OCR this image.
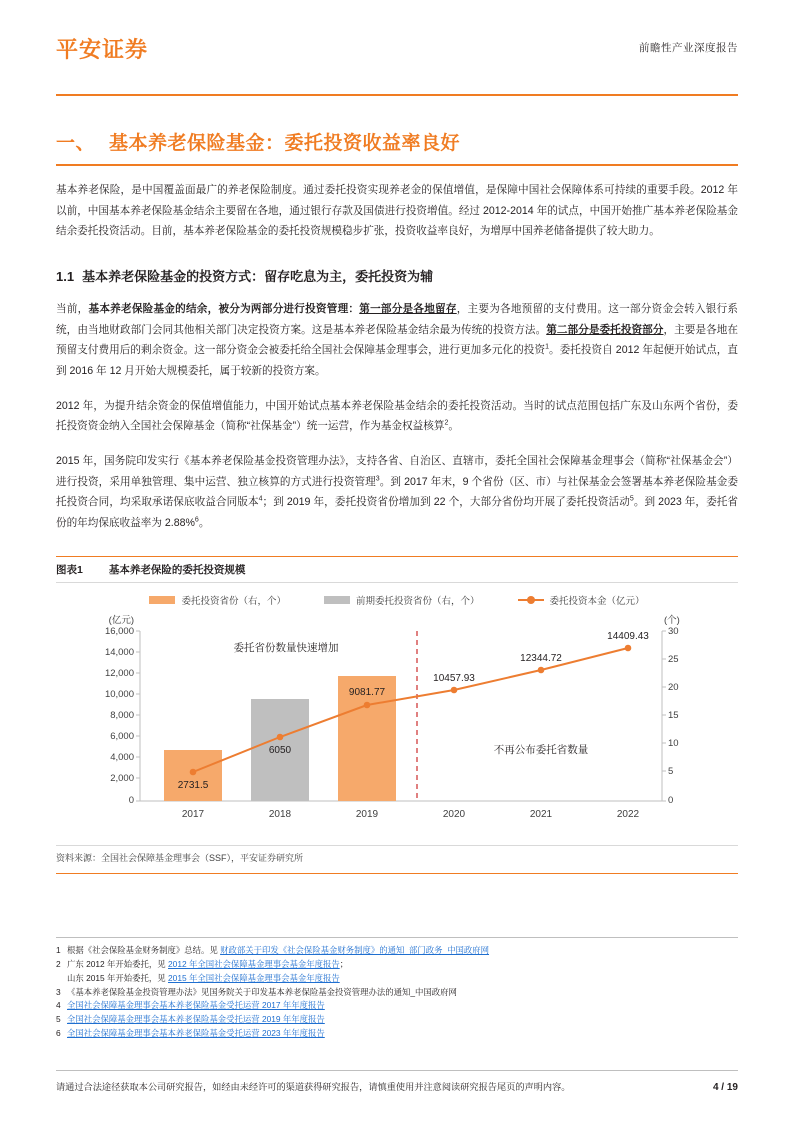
平安证券	前瞻性产业深度报告
一、 基本养老保险基金：委托投资收益率良好

基本养老保险，是中国覆盖面最广的养老保险制度。通过委托投资实现养老金的保值增值，是保障中国社会保障体系可持续的重要手段。2012 年以前，中国基本养老保险基金结余主要留在各地，通过银行存款及国债进行投资增值。经过 2012-2014 年的试点，中国开始推广基本养老保险基金结余委托投资活动。目前，基本养老保险基金的委托投资规模稳步扩张，投资收益率良好，为增厚中国养老储备提供了较大助力。

1.1 基本养老保险基金的投资方式：留存吃息为主，委托投资为辅

当前，基本养老保险基金的结余，被分为两部分进行投资管理：第一部分是各地留存，主要为各地预留的支付费用。这一部分资金会转入银行系统，由当地财政部门会同其他相关部门决定投资方案。这是基本养老保险基金结余最为传统的投资方法。第二部分是委托投资部分，主要是各地在预留支付费用后的剩余资金。这一部分资金会被委托给全国社会保障基金理事会，进行更加多元化的投资$^1$。委托投资自 2012 年起便开始试点，直到 2016 年 12 月开始大规模委托，属于较新的投资方案。

2012 年，为提升结余资金的保值增值能力，中国开始试点基本养老保险基金结余的委托投资活动。当时的试点范围包括广东及山东两个省份，委托投资资金纳入全国社会保障基金（简称“社保基金”）统一运营，作为基金权益核算$^2$。

2015 年，国务院印发实行《基本养老保险基金投资管理办法》，支持各省、自治区、直辖市，委托全国社会保障基金理事会（简称“社保基金会”）进行投资，采用单独管理、集中运营、独立核算的方式进行投资管理$^3$。到 2017 年末，9 个省份（区、市）与社保基金会签署基本养老保险基金委托投资合同，均采取承诺保底收益合同版本$^4$；到 2019 年，委托投资省份增加到 22 个，大部分省份均开展了委托投资活动$^5$。到 2023 年，委托省份的年均保底收益率为 2.88%$^6$。

图表1 基本养老保险的委托投资规模
委托投资省份（右，个）	前期委托投资省份（右，个）	委托投资本金（亿元）
(亿元)	(个)
16,000
14,000
12,000
10,000
8,000
6,000
4,000
2,000
0
30
25
20
15
10
5
0
2731.5
6050
9081.77
10457.93
12344.72
14409.43
委托省份数量快速增加
不再公布委托省数量
2017	2018	2019	2020	2021	2022
资料来源：全国社会保障基金理事会（SSF），平安证券研究所
1 根据《社会保险基金财务制度》总结。见 财政部关于印发《社会保险基金财务制度》的通知_部门政务_中国政府网
2 广东 2012 年开始委托，见 2012 年全国社会保障基金理事会基金年度报告；
山东 2015 年开始委托，见 2015 年全国社会保障基金理事会基金年度报告
3 《基本养老保险基金投资管理办法》见国务院关于印发基本养老保险基金投资管理办法的通知_中国政府网
4 全国社会保障基金理事会基本养老保险基金受托运营 2017 年年度报告
5 全国社会保障基金理事会基本养老保险基金受托运营 2019 年年度报告
6 全国社会保障基金理事会基本养老保险基金受托运营 2023 年年度报告
请通过合法途径获取本公司研究报告，如经由未经许可的渠道获得研究报告，请慎重使用并注意阅读研究报告尾页的声明内容。	4 / 19
